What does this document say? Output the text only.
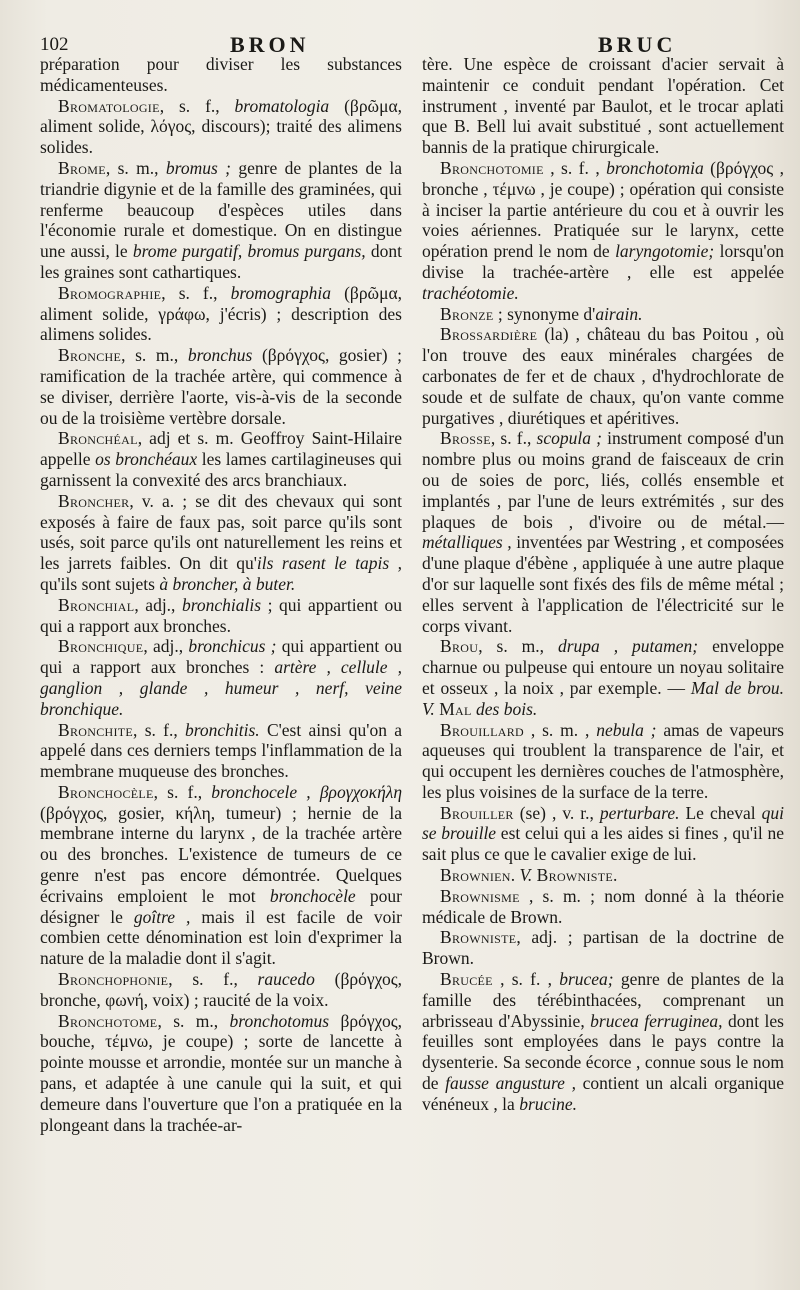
102	BRON	BRUC

préparation pour diviser les substances médicamenteuses.

Bromatologie, s. f., bromatologia (βρῶμα, aliment solide, λόγος, discours); traité des alimens solides.

Brome, s. m., bromus ; genre de plantes de la triandrie digynie et de la famille des graminées, qui renferme beaucoup d'espèces utiles dans l'économie rurale et domestique. On en distingue une aussi, le brome purgatif, bromus purgans, dont les graines sont cathartiques.

Bromographie, s. f., bromographia (βρῶμα, aliment solide, γράφω, j'écris) ; description des alimens solides.

Bronche, s. m., bronchus (βρόγχος, gosier) ; ramification de la trachée artère, qui commence à se diviser, derrière l'aorte, vis-à-vis de la seconde ou de la troisième vertèbre dorsale.

Bronchéal, adj et s. m. Geoffroy Saint-Hilaire appelle os bronchéaux les lames cartilagineuses qui garnissent la convexité des arcs branchiaux.

Broncher, v. a. ; se dit des chevaux qui sont exposés à faire de faux pas, soit parce qu'ils sont usés, soit parce qu'ils ont naturellement les reins et les jarrets faibles. On dit qu'ils rasent le tapis , qu'ils sont sujets à broncher, à buter.

Bronchial, adj., bronchialis ; qui appartient ou qui a rapport aux bronches.

Bronchique, adj., bronchicus ; qui appartient ou qui a rapport aux bronches : artère , cellule , ganglion , glande , humeur , nerf, veine bronchique.

Bronchite, s. f., bronchitis. C'est ainsi qu'on a appelé dans ces derniers temps l'inflammation de la membrane muqueuse des bronches.

Bronchocèle, s. f., bronchocele , βρογχοκήλη (βρόγχος, gosier, κήλη, tumeur) ; hernie de la membrane interne du larynx , de la trachée artère ou des bronches. L'existence de tumeurs de ce genre n'est pas encore démontrée. Quelques écrivains emploient le mot bronchocèle pour désigner le goître , mais il est facile de voir combien cette dénomination est loin d'exprimer la nature de la maladie dont il s'agit.

Bronchophonie, s. f., raucedo (βρόγχος, bronche, φωνή, voix) ; raucité de la voix.

Bronchotome, s. m., bronchotomus βρόγχος, bouche, τέμνω, je coupe) ; sorte de lancette à pointe mousse et arrondie, montée sur un manche à pans, et adaptée à une canule qui la suit, et qui demeure dans l'ouverture que l'on a pratiquée en la plongeant dans la trachée-ar-

tère. Une espèce de croissant d'acier servait à maintenir ce conduit pendant l'opération. Cet instrument , inventé par Baulot, et le trocar aplati que B. Bell lui avait substitué , sont actuellement bannis de la pratique chirurgicale.

Bronchotomie , s. f. , bronchotomia (βρόγχος , bronche , τέμνω , je coupe) ; opération qui consiste à inciser la partie antérieure du cou et à ouvrir les voies aériennes. Pratiquée sur le larynx, cette opération prend le nom de laryngotomie; lorsqu'on divise la trachée-artère , elle est appelée trachéotomie.

Bronze ; synonyme d'airain.

Brossardière (la) , château du bas Poitou , où l'on trouve des eaux minérales chargées de carbonates de fer et de chaux , d'hydrochlorate de soude et de sulfate de chaux, qu'on vante comme purgatives , diurétiques et apéritives.

Brosse, s. f., scopula ; instrument composé d'un nombre plus ou moins grand de faisceaux de crin ou de soies de porc, liés, collés ensemble et implantés , par l'une de leurs extrémités , sur des plaques de bois , d'ivoire ou de métal.— métalliques , inventées par Westring , et composées d'une plaque d'ébène , appliquée à une autre plaque d'or sur laquelle sont fixés des fils de même métal ; elles servent à l'application de l'électricité sur le corps vivant.

Brou, s. m., drupa , putamen; enveloppe charnue ou pulpeuse qui entoure un noyau solitaire et osseux , la noix , par exemple. — Mal de brou. V. Mal des bois.

Brouillard , s. m. , nebula ; amas de vapeurs aqueuses qui troublent la transparence de l'air, et qui occupent les dernières couches de l'atmosphère, les plus voisines de la surface de la terre.

Brouiller (se) , v. r., perturbare. Le cheval qui se brouille est celui qui a les aides si fines , qu'il ne sait plus ce que le cavalier exige de lui.

Brownien. V. Browniste.

Brownisme , s. m. ; nom donné à la théorie médicale de Brown.

Browniste, adj. ; partisan de la doctrine de Brown.

Brucée , s. f. , brucea; genre de plantes de la famille des térébinthacées, comprenant un arbrisseau d'Abyssinie, brucea ferruginea, dont les feuilles sont employées dans le pays contre la dysenterie. Sa seconde écorce , connue sous le nom de fausse angusture , contient un alcali organique vénéneux , la brucine.
